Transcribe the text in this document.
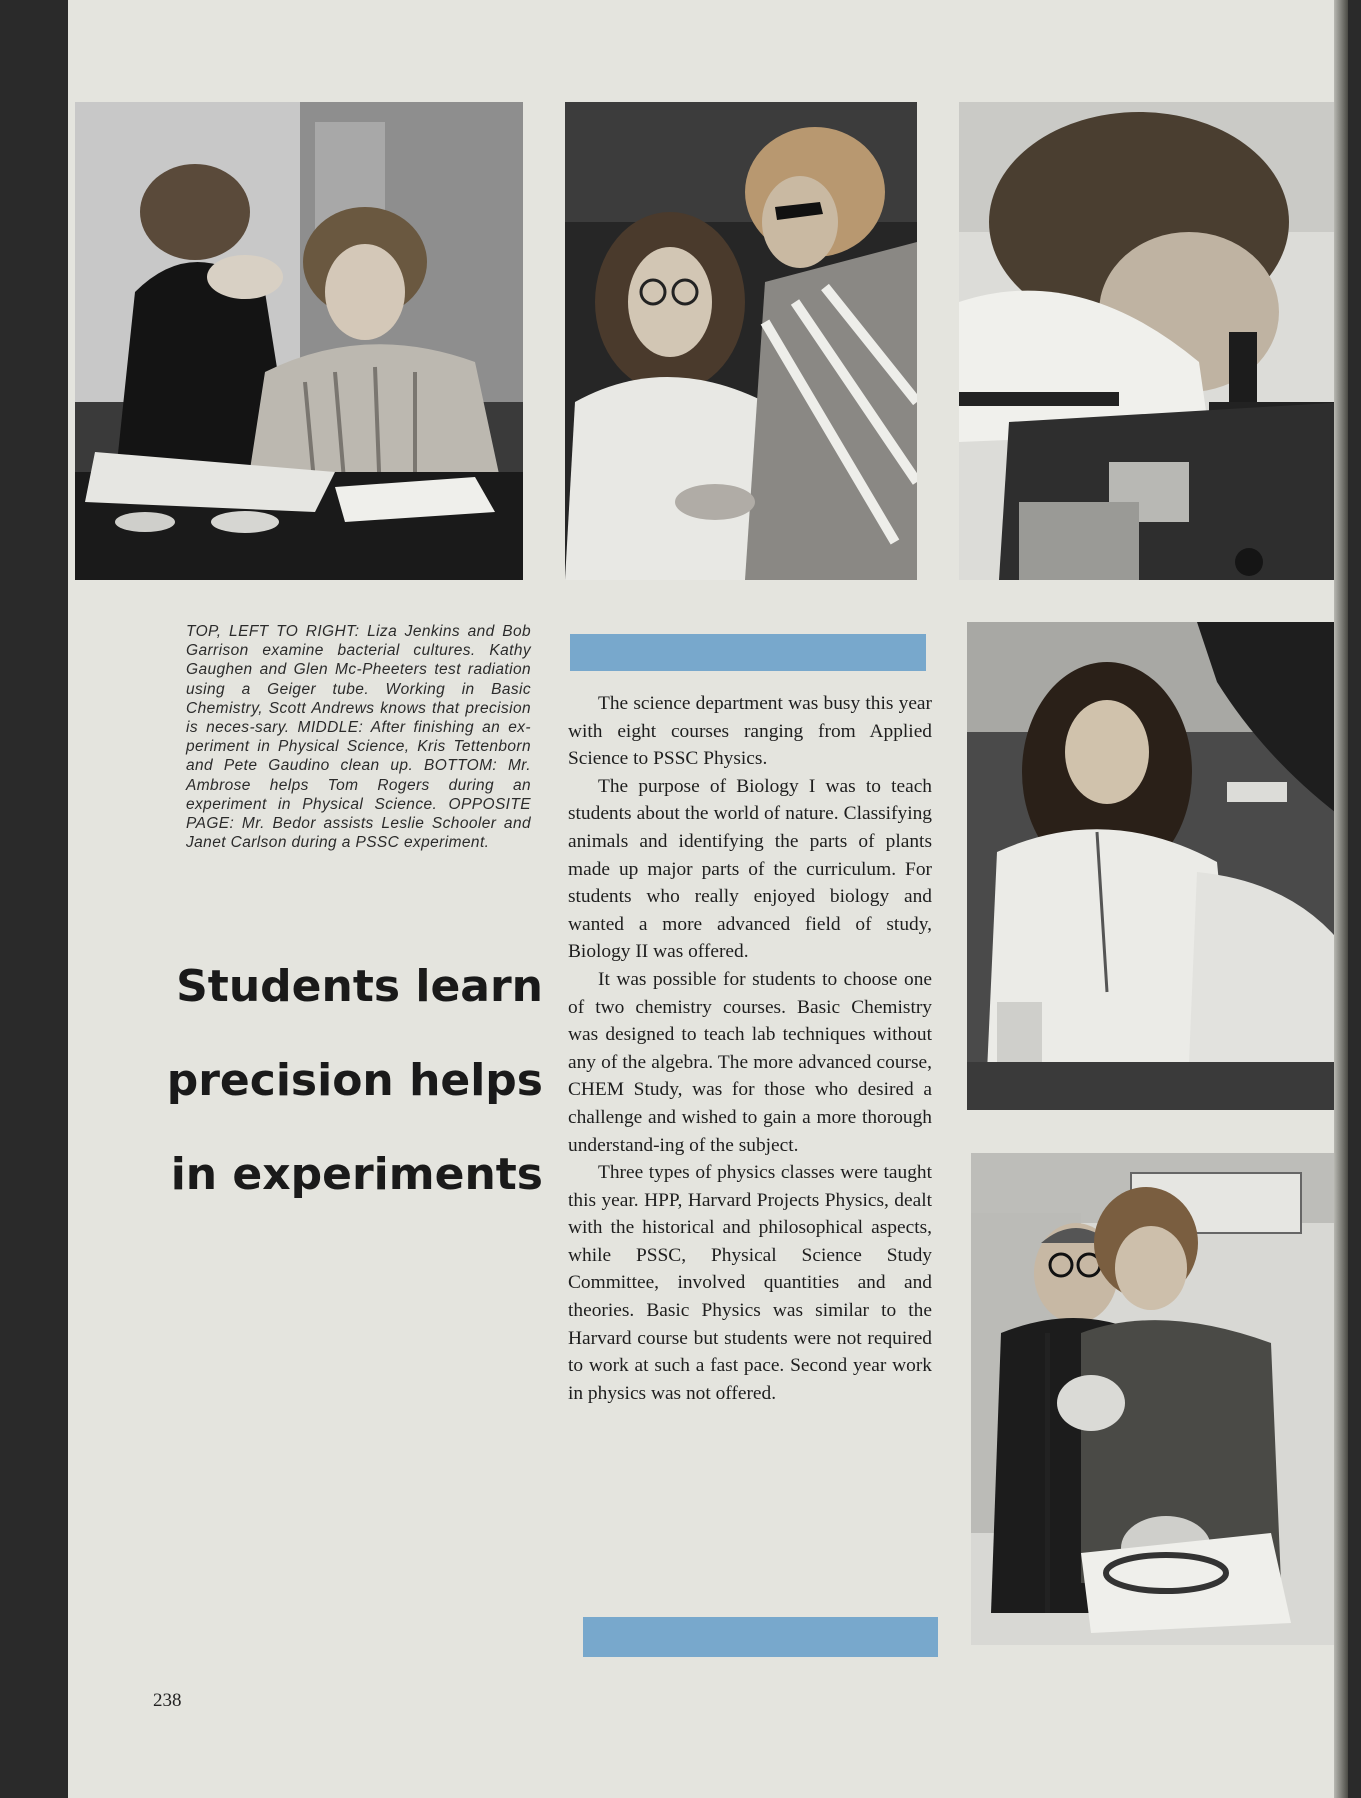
TOP, LEFT TO RIGHT: Liza Jenkins and Bob Garrison examine bacterial cultures. Kathy Gaughen and Glen Mc-Pheeters test radiation using a Geiger tube. Working in Basic Chemistry, Scott Andrews knows that precision is neces-sary. MIDDLE: After finishing an ex-periment in Physical Science, Kris Tettenborn and Pete Gaudino clean up. BOTTOM: Mr. Ambrose helps Tom Rogers during an experiment in Physical Science. OPPOSITE PAGE: Mr. Bedor assists Leslie Schooler and Janet Carlson during a PSSC experiment.

Students learn
precision helps
in experiments

The science department was busy this year with eight courses ranging from Applied Science to PSSC Physics.

The purpose of Biology I was to teach students about the world of nature. Classifying animals and identifying the parts of plants made up major parts of the curriculum. For students who really enjoyed biology and wanted a more advanced field of study, Biology II was offered.

It was possible for students to choose one of two chemistry courses. Basic Chemistry was designed to teach lab techniques without any of the algebra. The more advanced course, CHEM Study, was for those who desired a challenge and wished to gain a more thorough understand-ing of the subject.

Three types of physics classes were taught this year. HPP, Harvard Projects Physics, dealt with the historical and philosophical aspects, while PSSC, Physical Science Study Committee, involved quantities and and theories. Basic Physics was similar to the Harvard course but students were not required to work at such a fast pace. Second year work in physics was not offered.

238
